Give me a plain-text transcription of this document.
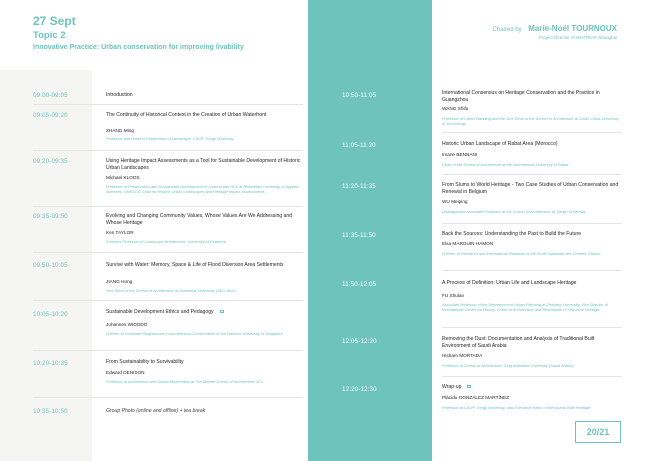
27 Sept
Topic 2
Innovative Practice: Urban conservation for improving livability
Chaired by Marie-Noël TOURNOUX
Project Director of WHITRAP Shanghai
09:00-09:05	Introduction
09:05-09:20	The Continuity of Historical Context in the Creation of Urban Waterfront
ZHANG Ming
Professor and Head of Department of Landscape, CAUP, Tongji University
09:20-09:35	Using Heritage Impact Assessments as a Tool for Sustainable Development of Historic Urban Landscapes
Michael KLOOS
Professor of Preservation and Sustainable Development of Cultural and HUL at RheinMain University of Applied Sciences, UNESCO Chair for Historic Urban Landscapes and Heritage Impact Assessments
09:35-09:50	Evolving and Changing Community Values, Whose Values Are We Addressing and Whose Heritage
Ken TAYLOR
Emeritus Professor of Landscape Architecture, University of Canberra
09:50-10:05	Survive with Water: Memory, Space & Life of Flood Diversion Area Settlements
JIANG Hong
Vice Dean of the School of Architecture at Southeast University (SEU-Arch)
10:05-10:20	Sustainable Development Ethics and Pedagogy
Johannes WIDODO
Director of Graduate Programmes in Architectural Conservation of the National University of Singapore
10:20-10:35	From Sustainability to Survivability
Edward DENISON
Professor of Architecture and Global Modernities at The Bartlett School of Architecture UCL
10:35-10:50	Group Photo (online and offline) + tea break
10:50-11:05	International Consensus on Heritage Conservation and the Practice in Guangzhou
WANG Shifu
Professor of Urban Planning and the Vice Dean of the School of Architecture at South China University of Technology
11:05-11:20	Historic Urban Landscape of Rabat Area (Morocco)
Imane BENNANI
Dean of the School of Architecture at the International University of Rabat
11:20-11:35	From Slums to World Heritage - Two Case Studies of Urban Conservation and Renewal in Belgium
WU Meiping
Distinguished Associate Professor at the School of Architecture at Tianjin University
11:35-11:50	Back the Sources: Understanding the Past to Build the Future
Elsa MARGUIN HAMON
Director of Research and International Relations of the Ecole Nationale des Chartes, France
11:50-12:05	A Process of Definition: Urban Life and Landscape Heritage
FU Shulan
Associate Professor of the Department of Urban Planning at Zhejiang University, Vice Director of International Center for History, Critics of Architecture and Restoration of Historical Heritage
12:05-12:20	Removing the Dust: Documentation and Analysis of Traditional Built Environment of Saudi Arabia
Hisham MORTADA
Professor of School of Architecture, King Abdulaziz University (Saudi Arabia)
12:20-12:30	Wrap-up
Plácido GONZÁLEZ MARTÍNEZ
Professor at CAUP, Tongji University, and Executive Editor of the journal Built Heritage
20/21
